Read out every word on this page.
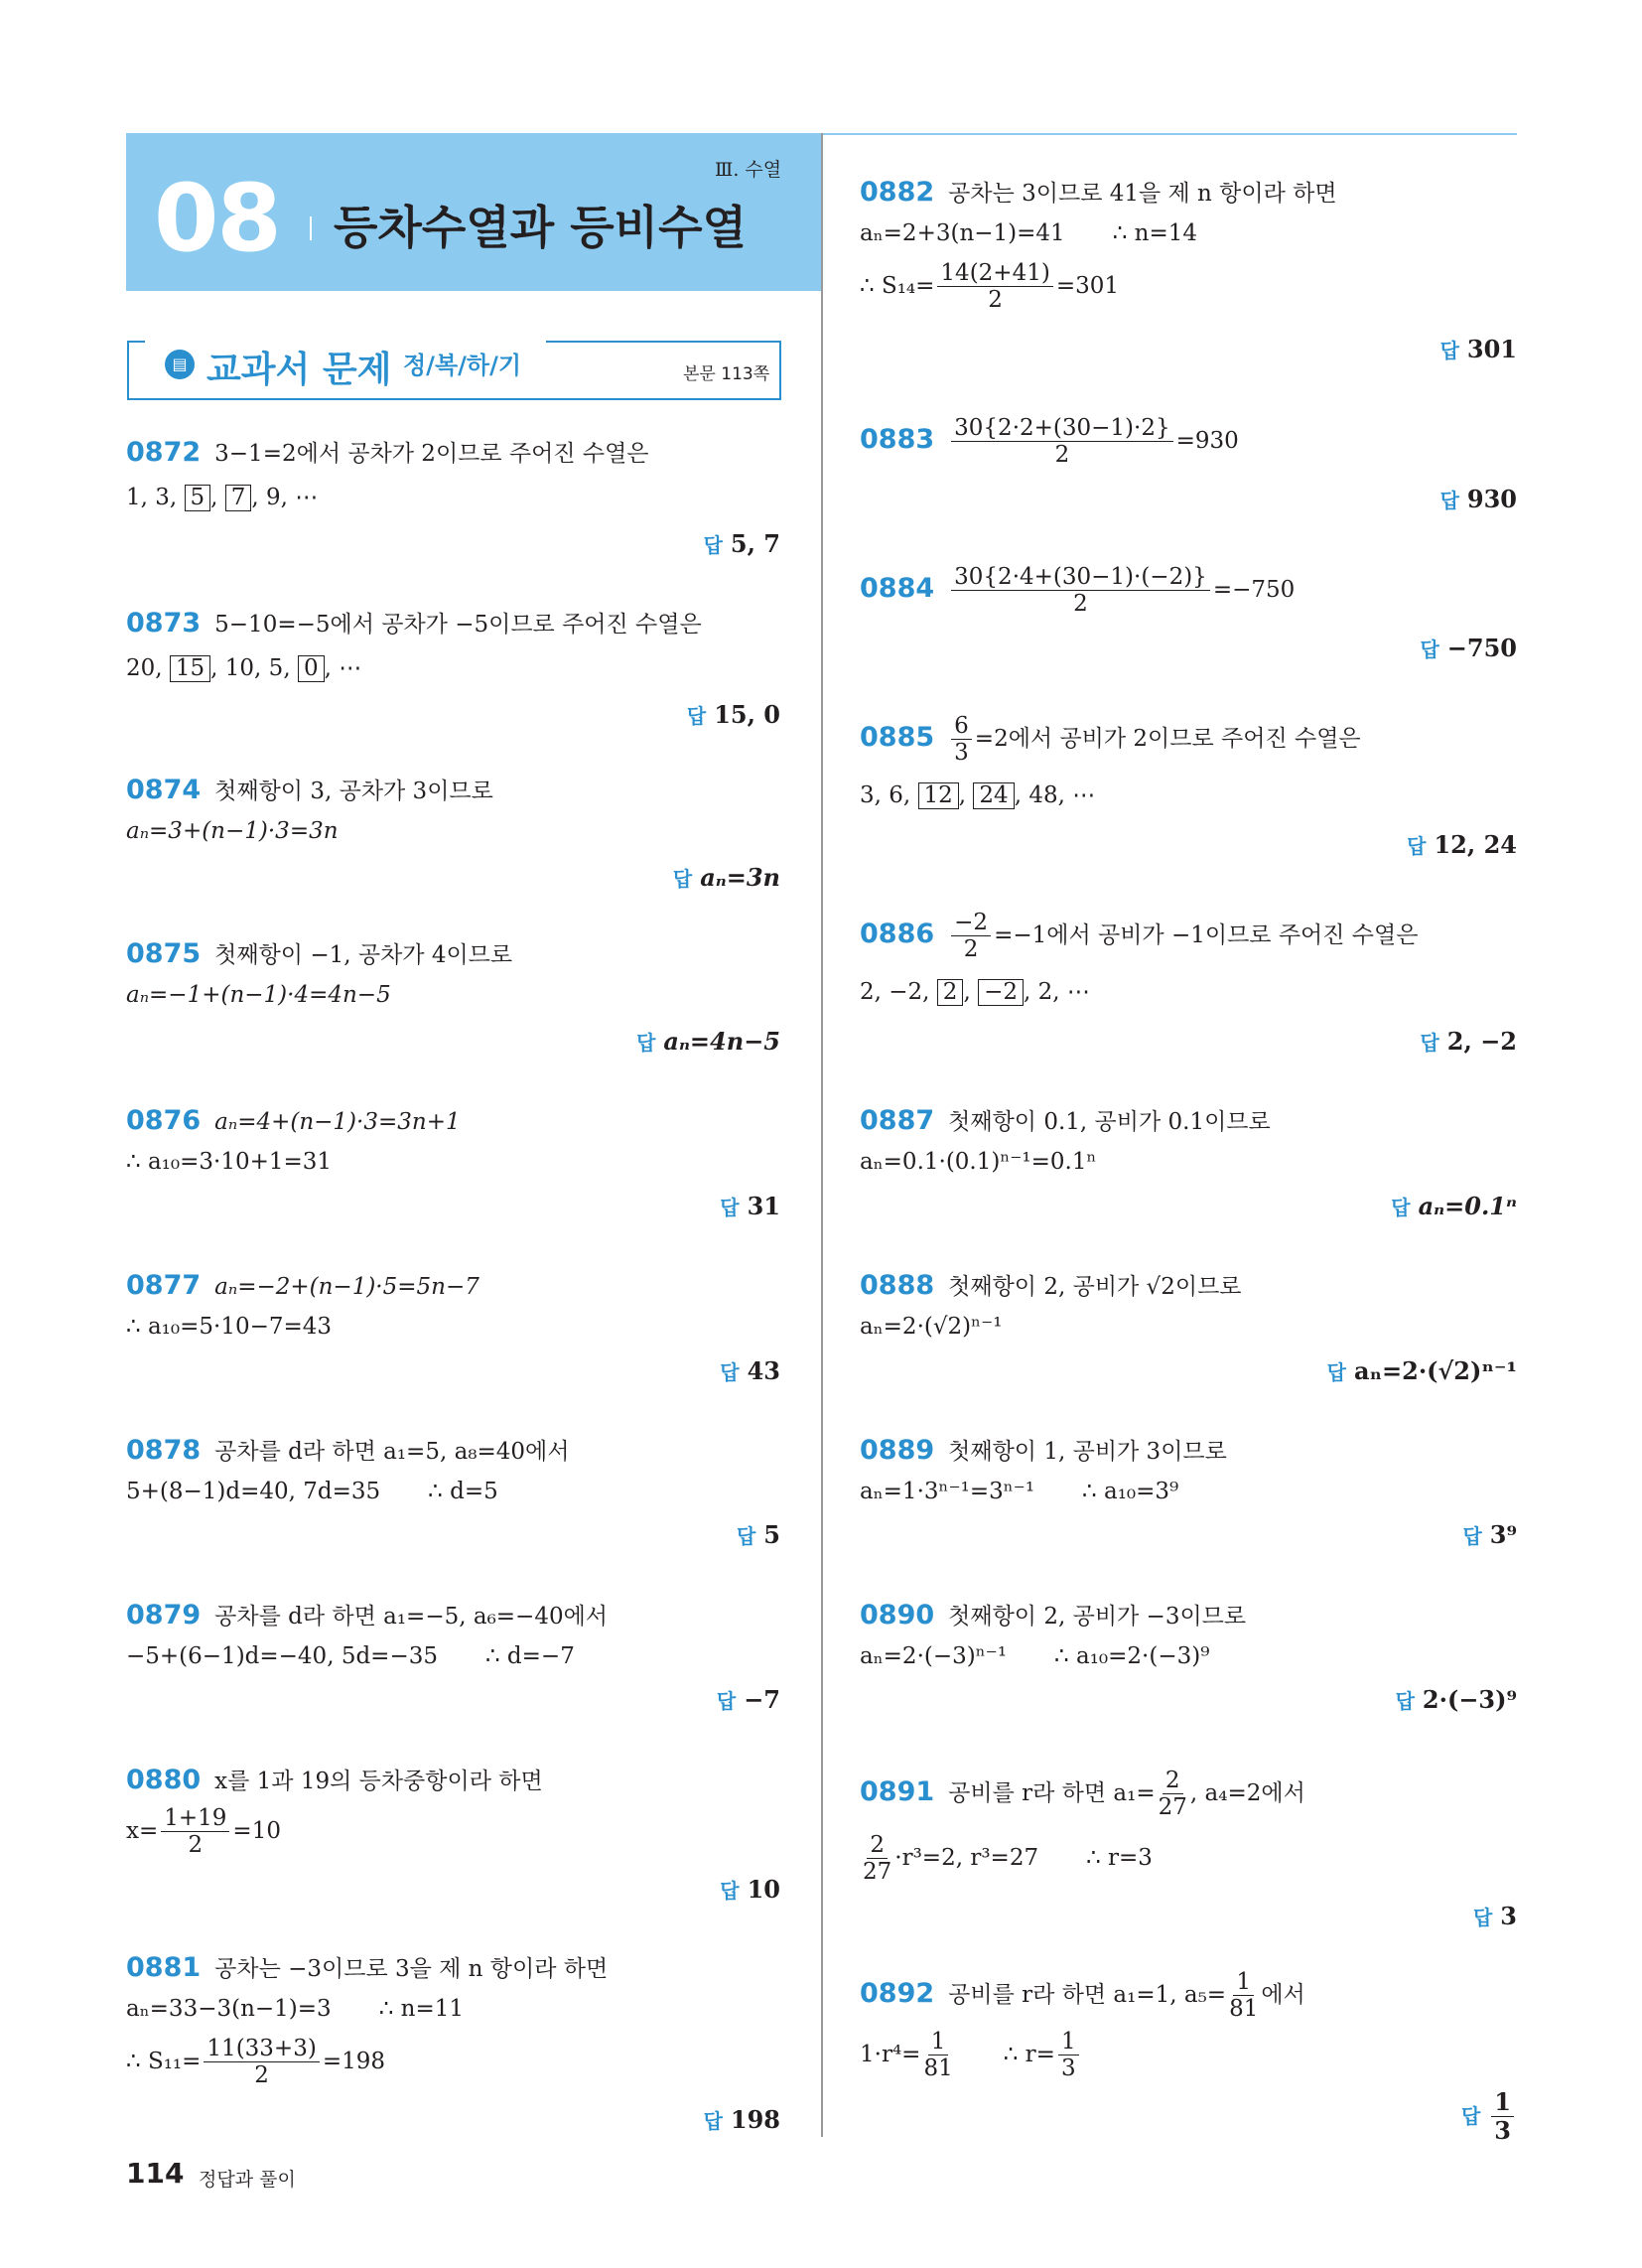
Ⅲ. 수열
08 등차수열과 등비수열
▤ 교과서 문제 정/복/하/기	본문 113쪽
0872 3−1=2에서 공차가 2이므로 주어진 수열은
1, 3, 5 , 7 , 9, ⋯
답 5, 7
0873 5−10=−5에서 공차가 −5이므로 주어진 수열은
20, 15 , 10, 5, 0 , ⋯
답 15, 0
0874 첫째항이 3, 공차가 3이므로
aₙ=3+(n−1)·3=3n
답 aₙ=3n
0875 첫째항이 −1, 공차가 4이므로
aₙ=−1+(n−1)·4=4n−5
답 aₙ=4n−5
0876 aₙ=4+(n−1)·3=3n+1
∴ a₁₀=3·10+1=31
답 31
0877 aₙ=−2+(n−1)·5=5n−7
∴ a₁₀=5·10−7=43
답 43
0878 공차를 d라 하면 a₁=5, a₈=40에서
5+(8−1)d=40, 7d=35 ∴ d=5
답 5
0879 공차를 d라 하면 a₁=−5, a₆=−40에서
−5+(6−1)d=−40, 5d=−35 ∴ d=−7
답 −7
0880 x를 1과 19의 등차중항이라 하면
$x= \frac{1+19}{2} =10$
답 10
0881 공차는 −3이므로 3을 제 n 항이라 하면
aₙ=33−3(n−1)=3 ∴ n=11
∴ $S_{11}= \frac{11(33+3)}{2} =198$
답 198
0882 공차는 3이므로 41을 제 n 항이라 하면
aₙ=2+3(n−1)=41 ∴ n=14
∴ $S_{14}= \frac{14(2+41)}{2} =301$
답 301
$0883 \frac{30\{2\cdot 2+(30-1)\cdot 2\}}{2} =930$
답 930
$0884 \frac{30\{2\cdot 4+(30-1)\cdot(-2)\}}{2} =-750$
답 −750
$0885 \frac{6}{3} =2$에서 공비가 2이므로 주어진 수열은
3, 6, 12 , 24 , 48, ⋯
답 12, 24
$0886 \frac{-2}{2} =-1$에서 공비가 −1이므로 주어진 수열은
2, −2, 2 , −2 , 2, ⋯
답 2, −2
0887 첫째항이 0.1, 공비가 0.1이므로
aₙ=0.1·(0.1)ⁿ⁻¹=0.1ⁿ
답 aₙ=0.1ⁿ
0888 첫째항이 2, 공비가 √2이므로
aₙ=2·(√2)ⁿ⁻¹
답 aₙ=2·(√2)ⁿ⁻¹
0889 첫째항이 1, 공비가 3이므로
aₙ=1·3ⁿ⁻¹=3ⁿ⁻¹ ∴ a₁₀=3⁹
답 3⁹
0890 첫째항이 2, 공비가 −3이므로
aₙ=2·(−3)ⁿ⁻¹ ∴ a₁₀=2·(−3)⁹
답 2·(−3)⁹
0891 공비를 r라 하면 $a_1= \frac{2}{27}$ , a₄=2에서
$\frac{2}{27} \cdot r^3=2$, r³=27 ∴ r=3
답 3
0892 공비를 r라 하면 a₁=1, $a_5= \frac{1}{81}$ 에서
$1\cdot r^4= \frac{1}{81}$ ∴ $r= \frac{1}{3}$
답 $\frac{1}{3}$
114 정답과 풀이
